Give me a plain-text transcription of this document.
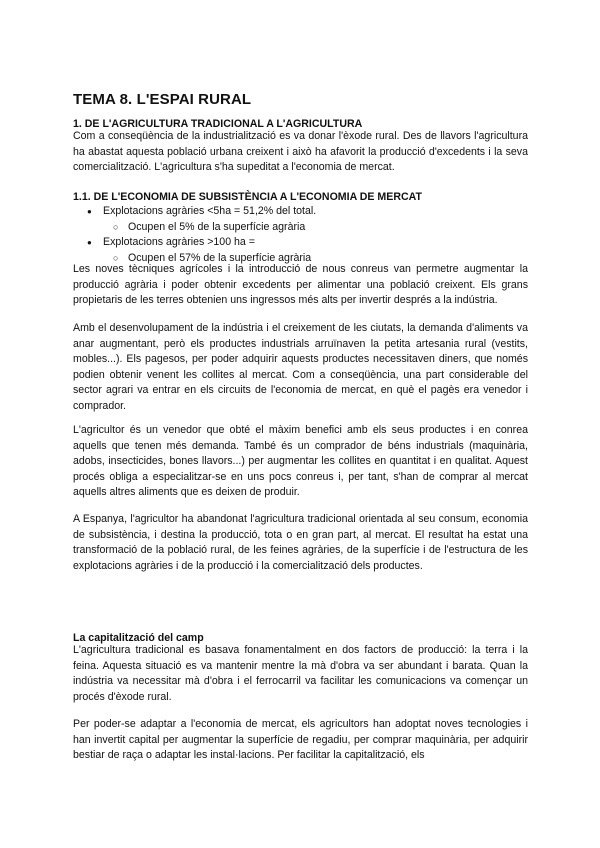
TEMA 8. L'ESPAI RURAL
1. DE L'AGRICULTURA TRADICIONAL A L'AGRICULTURA

Com a conseqüència de la industrialització es va donar l'èxode rural. Des de llavors l'agricultura ha abastat aquesta població urbana creixent i això ha afavorit la producció d'excedents i la seva comercialització. L'agricultura s'ha supeditat a l'economia de mercat.

1.1. DE L'ECONOMIA DE SUBSISTÈNCIA A L'ECONOMIA DE MERCAT
● Explotacions agràries <5ha = 51,2% del total.
○ Ocupen el 5% de la superfície agrària
● Explotacions agràries >100 ha =
○ Ocupen el 57% de la superfície agrària

Les noves tècniques agrícoles i la introducció de nous conreus van permetre augmentar la producció agrària i poder obtenir excedents per alimentar una població creixent. Els grans propietaris de les terres obtenien uns ingressos més alts per invertir després a la indústria.

Amb el desenvolupament de la indústria i el creixement de les ciutats, la demanda d'aliments va anar augmentant, però els productes industrials arruïnaven la petita artesania rural (vestits, mobles...). Els pagesos, per poder adquirir aquests productes necessitaven diners, que només podien obtenir venent les collites al mercat. Com a conseqüència, una part considerable del sector agrari va entrar en els circuits de l'economia de mercat, en què el pagès era venedor i comprador.

L'agricultor és un venedor que obté el màxim benefici amb els seus productes i en conrea aquells que tenen més demanda. També és un comprador de béns industrials (maquinària, adobs, insecticides, bones llavors...) per augmentar les collites en quantitat i en qualitat. Aquest procés obliga a especialitzar-se en uns pocs conreus i, per tant, s'han de comprar al mercat aquells altres aliments que es deixen de produir.

A Espanya, l'agricultor ha abandonat l'agricultura tradicional orientada al seu consum, economia de subsistència, i destina la producció, tota o en gran part, al mercat. El resultat ha estat una transformació de la població rural, de les feines agràries, de la superfície i de l'estructura de les explotacions agràries i de la producció i la comercialització dels productes.

La capitalització del camp

L'agricultura tradicional es basava fonamentalment en dos factors de producció: la terra i la feina. Aquesta situació es va mantenir mentre la mà d'obra va ser abundant i barata. Quan la indústria va necessitar mà d'obra i el ferrocarril va facilitar les comunicacions va començar un procés d'èxode rural.

Per poder-se adaptar a l'economia de mercat, els agricultors han adoptat noves tecnologies i han invertit capital per augmentar la superfície de regadiu, per comprar maquinària, per adquirir bestiar de raça o adaptar les instal·lacions. Per facilitar la capitalització, els
